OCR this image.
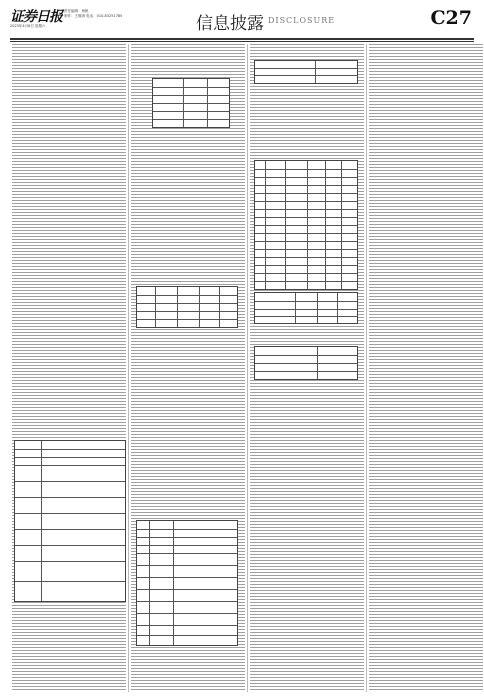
证券日报 责任编辑：杨帆
制作：王敬涛 电话：010-83251785
2023年4月8日 星期六	信息披露 DISCLOSURE	C27
